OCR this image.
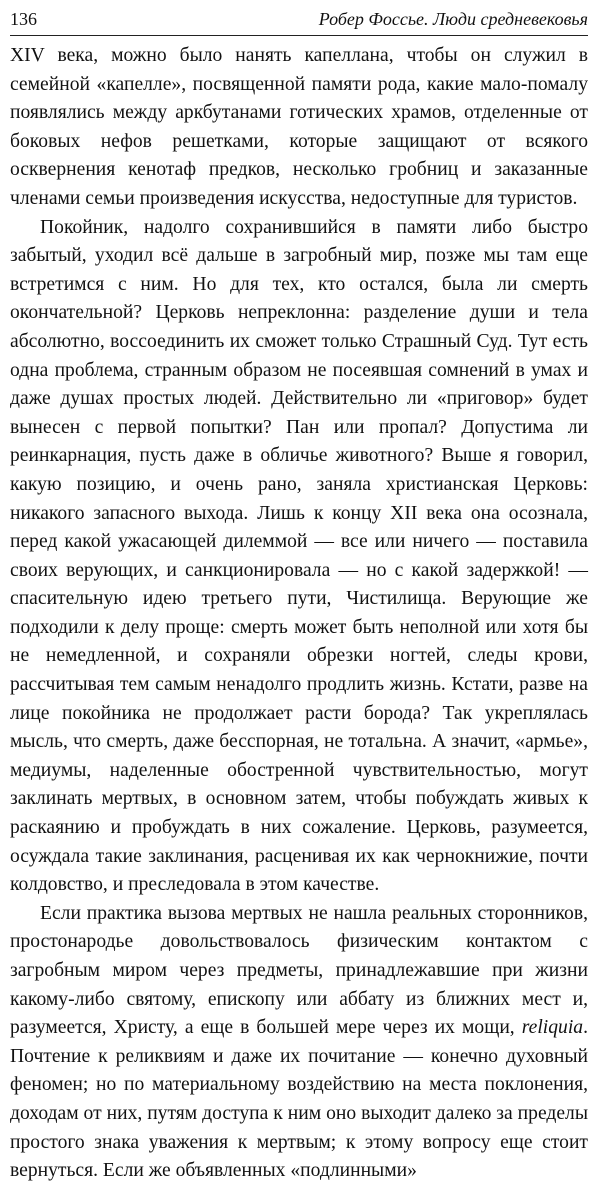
136	Робер Фоссье. Люди средневековья

XIV века, можно было нанять капеллана, чтобы он служил в семейной «капелле», посвященной памяти рода, какие мало-помалу появлялись между аркбутанами готических храмов, отделенные от боковых нефов решетками, которые защищают от всякого осквернения кенотаф предков, несколько гробниц и заказанные членами семьи произведения искусства, недоступные для туристов.

Покойник, надолго сохранившийся в памяти либо быстро забытый, уходил всё дальше в загробный мир, позже мы там еще встретимся с ним. Но для тех, кто остался, была ли смерть окончательной? Церковь непреклонна: разделение души и тела абсолютно, воссоединить их сможет только Страшный Суд. Тут есть одна проблема, странным образом не посеявшая сомнений в умах и даже душах простых людей. Действительно ли «приговор» будет вынесен с первой попытки? Пан или пропал? Допустима ли реинкарнация, пусть даже в обличье животного? Выше я говорил, какую позицию, и очень рано, заняла христианская Церковь: никакого запасного выхода. Лишь к концу XII века она осознала, перед какой ужасающей дилеммой — все или ничего — поставила своих верующих, и санкционировала — но с какой задержкой! — спасительную идею третьего пути, Чистилища. Верующие же подходили к делу проще: смерть может быть неполной или хотя бы не немедленной, и сохраняли обрезки ногтей, следы крови, рассчитывая тем самым ненадолго продлить жизнь. Кстати, разве на лице покойника не продолжает расти борода? Так укреплялась мысль, что смерть, даже бесспорная, не тотальна. А значит, «армье», медиумы, наделенные обостренной чувствительностью, могут заклинать мертвых, в основном затем, чтобы побуждать живых к раскаянию и пробуждать в них сожаление. Церковь, разумеется, осуждала такие заклинания, расценивая их как чернокнижие, почти колдовство, и преследовала в этом качестве.

Если практика вызова мертвых не нашла реальных сторонников, простонародье довольствовалось физическим контактом с загробным миром через предметы, принадлежавшие при жизни какому-либо святому, епископу или аббату из ближних мест и, разумеется, Христу, а еще в большей мере через их мощи, reliquia. Почтение к реликвиям и даже их почитание — конечно духовный феномен; но по материальному воздействию на места поклонения, доходам от них, путям доступа к ним оно выходит далеко за пределы простого знака уважения к мертвым; к этому вопросу еще стоит вернуться. Если же объявленных «подлинными»
